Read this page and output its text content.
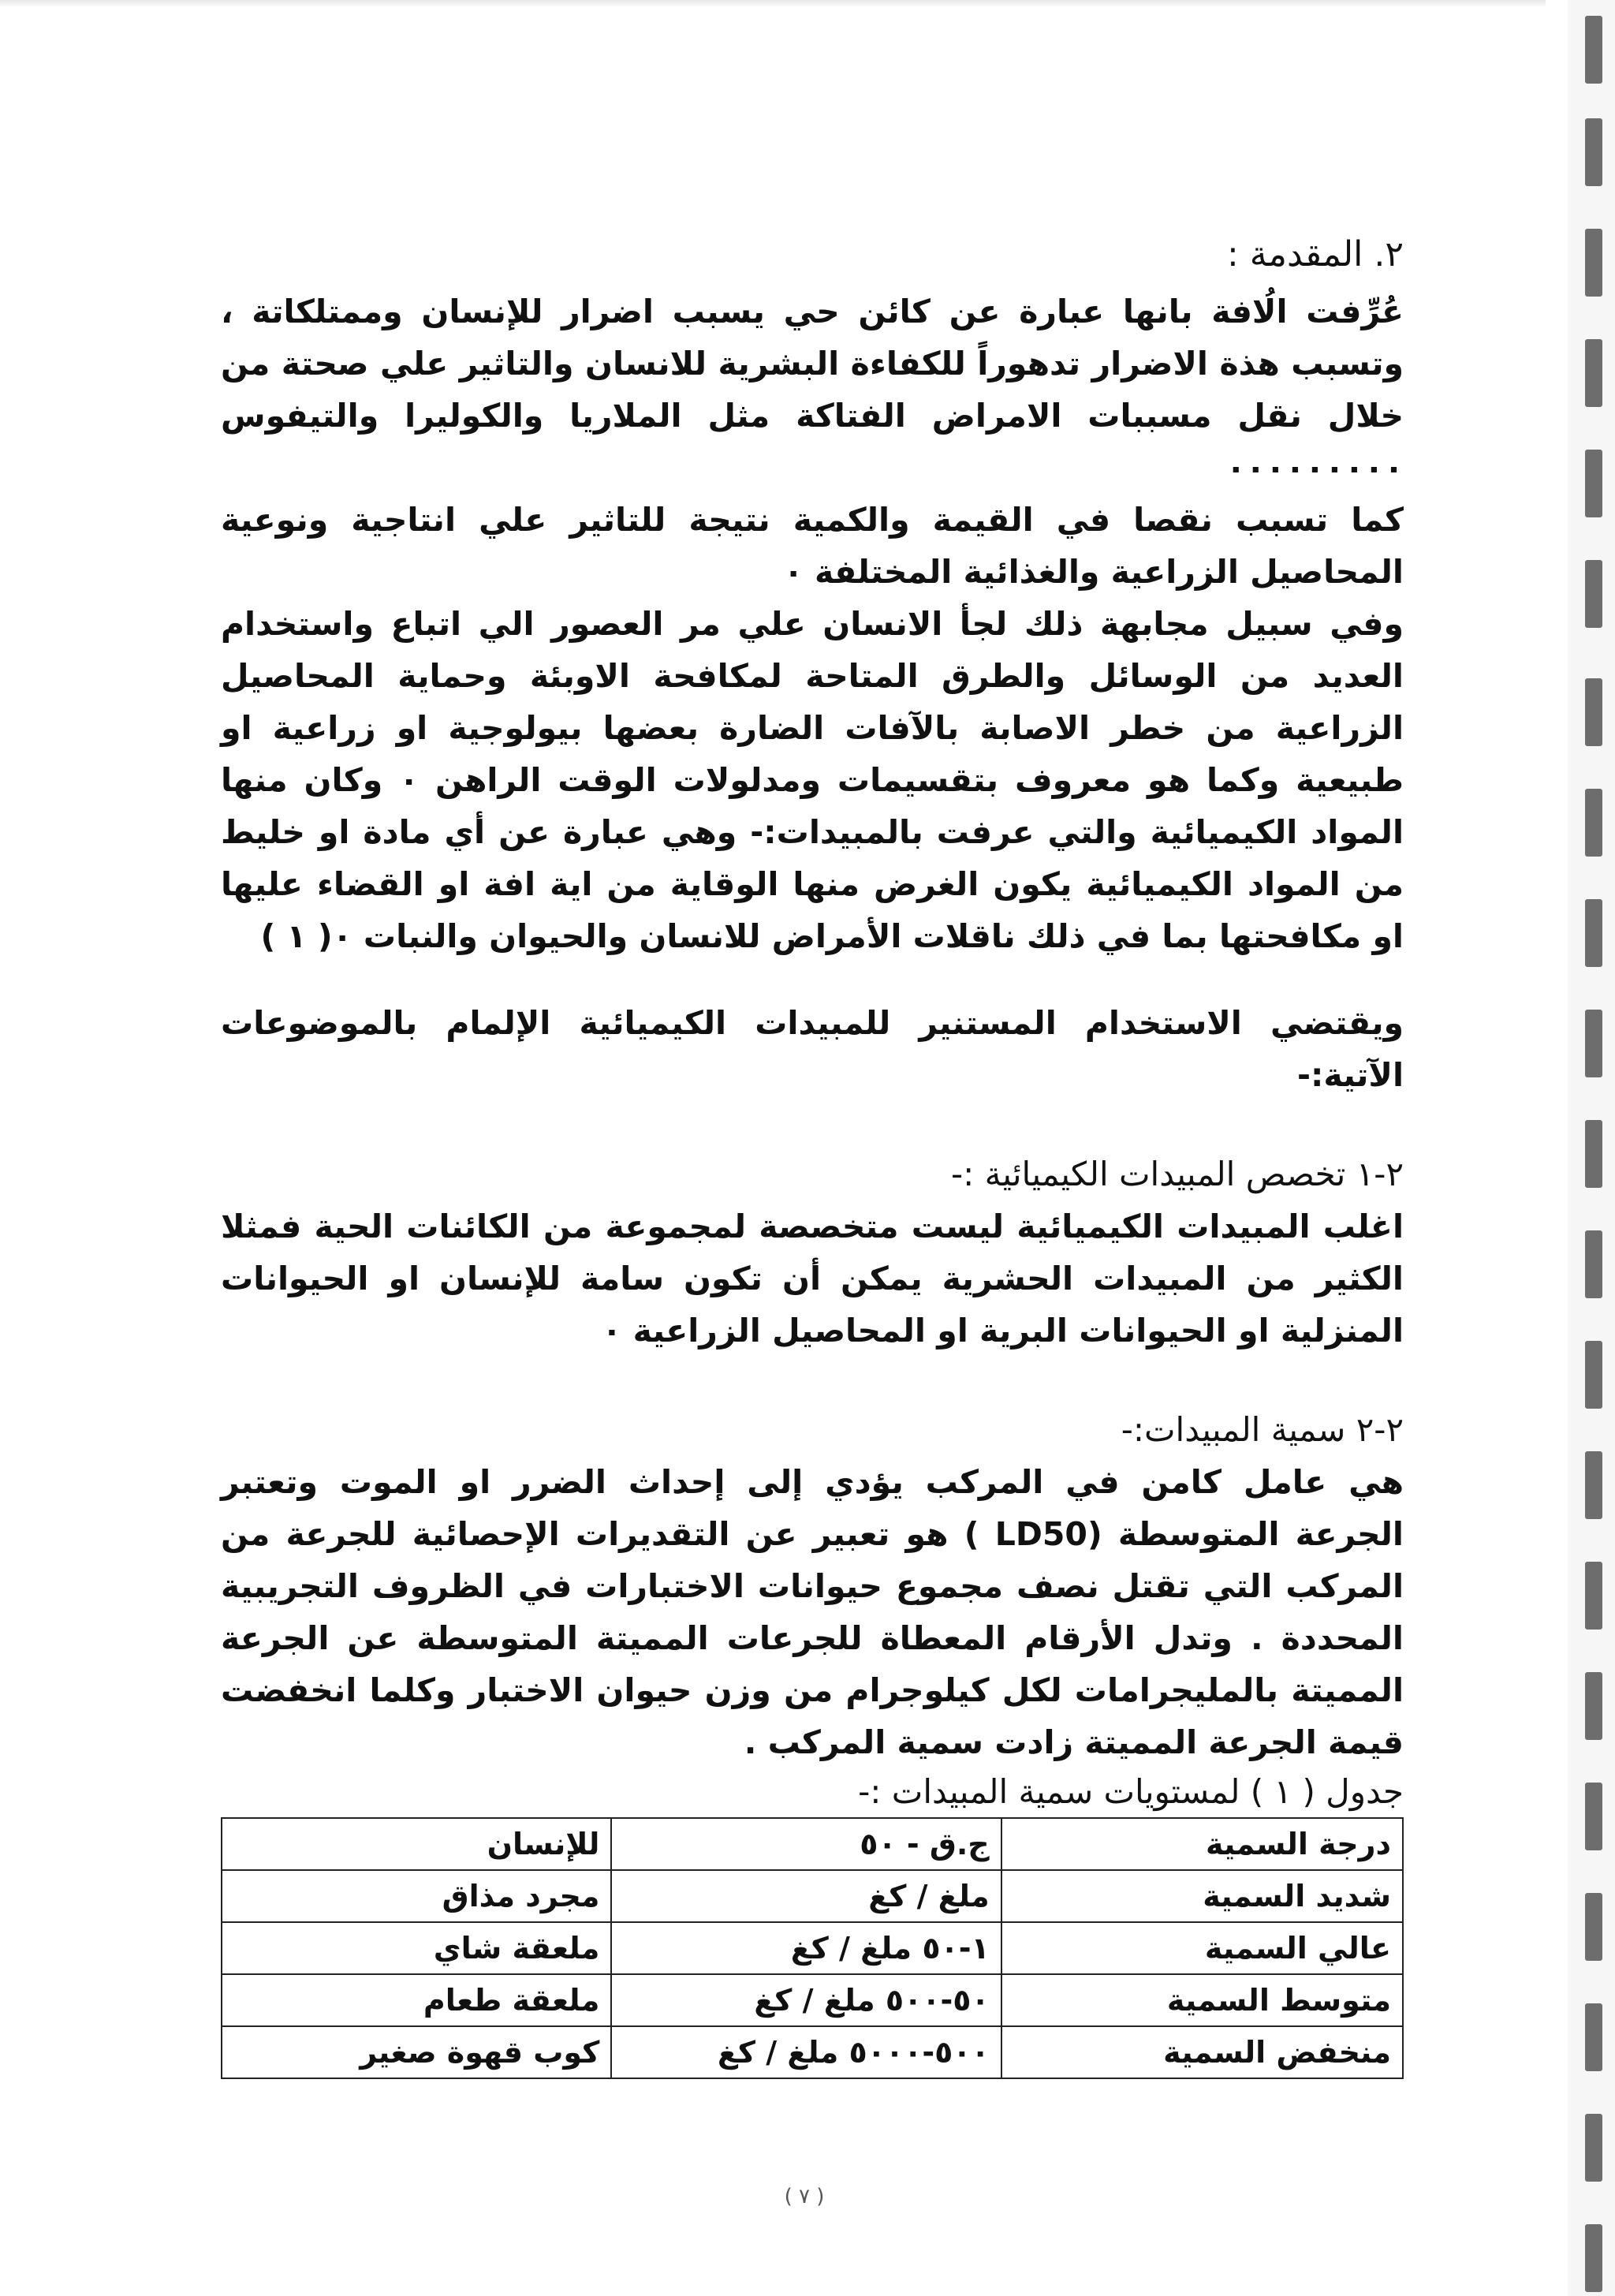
٢. المقدمة :

عُرِّفت الُافة بانها عبارة عن كائن حي يسبب اضرار للإنسان وممتلكاتة ، وتسبب هذة الاضرار تدهوراً للكفاءة البشرية للانسان والتاثير علي صحتة من خلال نقل مسببات الامراض الفتاكة مثل الملاريا والكوليرا والتيفوس ٠٠٠٠٠٠٠٠٠

كما تسبب نقصا في القيمة والكمية نتيجة للتاثير علي انتاجية ونوعية المحاصيل الزراعية والغذائية المختلفة ٠

وفي سبيل مجابهة ذلك لجأ الانسان علي مر العصور الي اتباع واستخدام العديد من الوسائل والطرق المتاحة لمكافحة الاوبئة وحماية المحاصيل الزراعية من خطر الاصابة بالآفات الضارة بعضها بيولوجية او زراعية او طبيعية وكما هو معروف بتقسيمات ومدلولات الوقت الراهن ٠ وكان منها المواد الكيميائية والتي عرفت بالمبيدات:- وهي عبارة عن أي مادة او خليط من المواد الكيميائية يكون الغرض منها الوقاية من اية افة او القضاء عليها او مكافحتها بما في ذلك ناقلات الأمراض للانسان والحيوان والنبات ٠( ١ )

ويقتضي الاستخدام المستنير للمبيدات الكيميائية الإلمام بالموضوعات الآتية:-

٢-١ تخصص المبيدات الكيميائية :-

اغلب المبيدات الكيميائية ليست متخصصة لمجموعة من الكائنات الحية فمثلا الكثير من المبيدات الحشرية يمكن أن تكون سامة للإنسان او الحيوانات المنزلية او الحيوانات البرية او المحاصيل الزراعية ٠

٢-٢ سمية المبيدات:-

هي عامل كامن في المركب يؤدي إلى إحداث الضرر او الموت وتعتبر الجرعة المتوسطة (LD50 ) هو تعبير عن التقديرات الإحصائية للجرعة من المركب التي تقتل نصف مجموع حيوانات الاختبارات في الظروف التجريبية المحددة . وتدل الأرقام المعطاة للجرعات المميتة المتوسطة عن الجرعة المميتة بالمليجرامات لكل كيلوجرام من وزن حيوان الاختبار وكلما انخفضت قيمة الجرعة المميتة زادت سمية المركب .

جدول ( ١ ) لمستويات سمية المبيدات :-

درجة السمية	ج.ق - ٥٠	للإنسان
شديد السمية	ملغ / كغ	مجرد مذاق
عالي السمية	١-٥٠ ملغ / كغ	ملعقة شاي
متوسط السمية	٥٠-٥٠٠ ملغ / كغ	ملعقة طعام
منخفض السمية	٥٠٠-٥٠٠٠ ملغ / كغ	كوب قهوة صغير
( ٧ )
